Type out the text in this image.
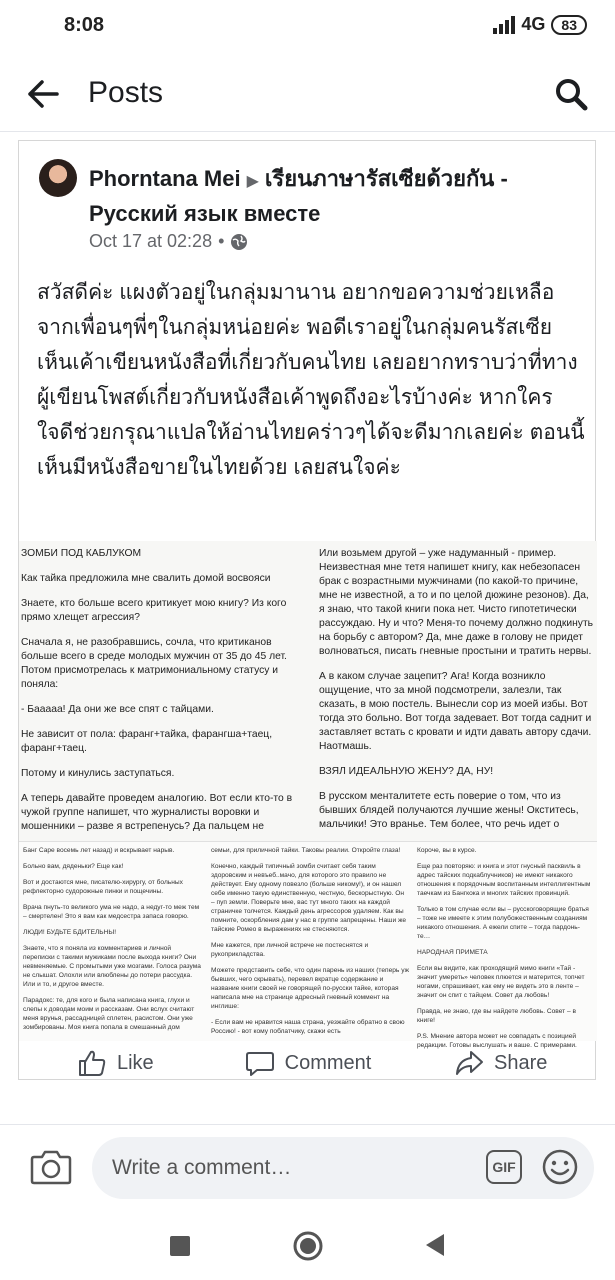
8:08	4G	83
Posts
Phorntana Mei ▶ เรียนภาษารัสเซียด้วยกัน - Русский язык вместе
Oct 17 at 02:28 •
สวัสดีค่ะ แผงตัวอยู่ในกลุ่มมานาน อยากขอความช่วยเหลือจากเพื่อนๆพี่ๆในกลุ่มหน่อยค่ะ พอดีเราอยู่ในกลุ่มคนรัสเซีย เห็นเค้าเขียนหนังสือที่เกี่ยวกับคนไทย เลยอยากทราบว่าที่ทางผู้เขียนโพสต์เกี่ยวกับหนังสือเค้าพูดถึงอะไรบ้างค่ะ หากใครใจดีช่วยกรุณาแปลให้อ่านไทยคร่าวๆได้จะดีมากเลยค่ะ ตอนนี้เห็นมีหนังสือขายในไทยด้วย เลยสนใจค่ะ

ЗОМБИ ПОД КАБЛУКОМ

Как тайка предложила мне свалить домой восвояси

Знаете, кто больше всего критикует мою книгу? Из кого прямо хлещет агрессия?

Сначала я, не разобравшись, сочла, что критиканов больше всего в среде молодых мужчин от 35 до 45 лет. Потом присмотрелась к матримониальному статусу и поняла:

- Бааааа! Да они же все спят с тайцами.

Не зависит от пола: фаранг+тайка, фарангша+таец, фаранг+таец.

Потому и кинулись заступаться.

А теперь давайте проведем аналогию. Вот если кто-то в чужой группе напишет, что журналисты воровки и мошенники – разве я встрепенусь? Да пальцем не

Или возьмем другой – уже надуманный - пример. Неизвестная мне тетя напишет книгу, как небезопасен брак с возрастными мужчинами (по какой-то причине, мне не известной, а то и по целой дюжине резонов). Да, я знаю, что такой книги пока нет. Чисто гипотетически рассуждаю. Ну и что? Меня-то почему должно подкинуть на борьбу с автором? Да, мне даже в голову не придет волноваться, писать гневные простыни и тратить нервы.

А в каком случае зацепит? Ага! Когда возникло ощущение, что за мной подсмотрели, залезли, так сказать, в мою постель. Вынесли сор из моей избы. Вот тогда это больно. Вот тогда задевает. Вот тогда саднит и заставляет встать с кровати и идти давать автору сдачи. Наотмашь.

ВЗЯЛ ИДЕАЛЬНУЮ ЖЕНУ? ДА, НУ!

В русском менталитете есть поверие о том, что из бывших блядей получаются лучшие жены! Окститесь, мальчики! Это вранье. Тем более, что речь идет о

Банг Саре восемь лет назад) и вскрывает нарыв.

Больно вам, дяденьки? Еще как!

Вот и достаются мне, писателю-хирургу, от больных рефлекторно судорожные пинки и пощечины.

Врача пнуть-то великого ума не надо, а недуг-то меж тем – смертелен! Это я вам как медсестра запаса говорю.

ЛЮДИ! БУДЬТЕ БДИТЕЛЬНЫ!

Знаете, что я поняла из комментариев и личной переписки с такими мужиками после выхода книги? Они невменяемые. С промытыми уже мозгами. Голоса разума не слышат. Олохли или влюблены до потери рассудка. Или и то, и другое вместе.

Парадокс: те, для кого и была написана книга, глухи и слепы к доводам моим и рассказам. Они вслух считают меня врунья, рассадницей сплетен, расистом. Они уже зомбированы. Моя книга попала в смешанный дом

семьи, для приличной тайки. Таковы реалии. Откройте глаза!

Конечно, каждый типичный зомби считает себя таким здоровским и невъеб..мачо, для которого это правило не действует. Ему одному повезло (больше никому!), и он нашел себе именно такую единственную, честную, бескорыстную. Он – пуп земли. Поверьте мне, вас тут много таких на каждой страничке толчется. Каждый день агрессоров удаляем. Как вы помните, оскорбления дам у нас в группе запрещены. Наши же тайские Ромео в выражениях не стесняются.

Мне кажется, при личной встрече не постеснятся и рукоприкладства.

Можете представить себе, что один парень из наших (теперь уж бывших, чего скрывать), перевел вкратце содержание и название книги своей не говорящей по-русски тайке, которая написала мне на странице адресный гневный коммент на инглише:

- Если вам не нравится наша страна, уезжайте обратно в свою Россию! - вот кому поблатчику, скажи есть

Короче, вы в курсе.

Еще раз повторяю: и книга и этот гнусный пасквиль в адрес тайских подкаблучников) не имеют никакого отношения к порядочным воспитанным интеллигентным таечкам из Бангкока и многих тайских провинций.

Только в том случае если вы – русскоговорящие братья – тоже не имеете к этим полубожественным созданиям никакого отношения. А ежели спите – тогда пардонь-те…

НАРОДНАЯ ПРИМЕТА

Если вы видите, как проходящий мимо книги «Тай - значит умереть» человек плюется и матерится, топчет ногами, спрашивает, как ему не видеть это в ленте – значит он спит с тайцем. Совет да любовь!

Правда, не знаю, где вы найдете любовь. Совет – в книге!

P.S. Мнение автора может не совпадать с позицией редакции. Готовы выслушать и ваше. С примерами.

Like	Comment	Share
Write a comment…
GIF
